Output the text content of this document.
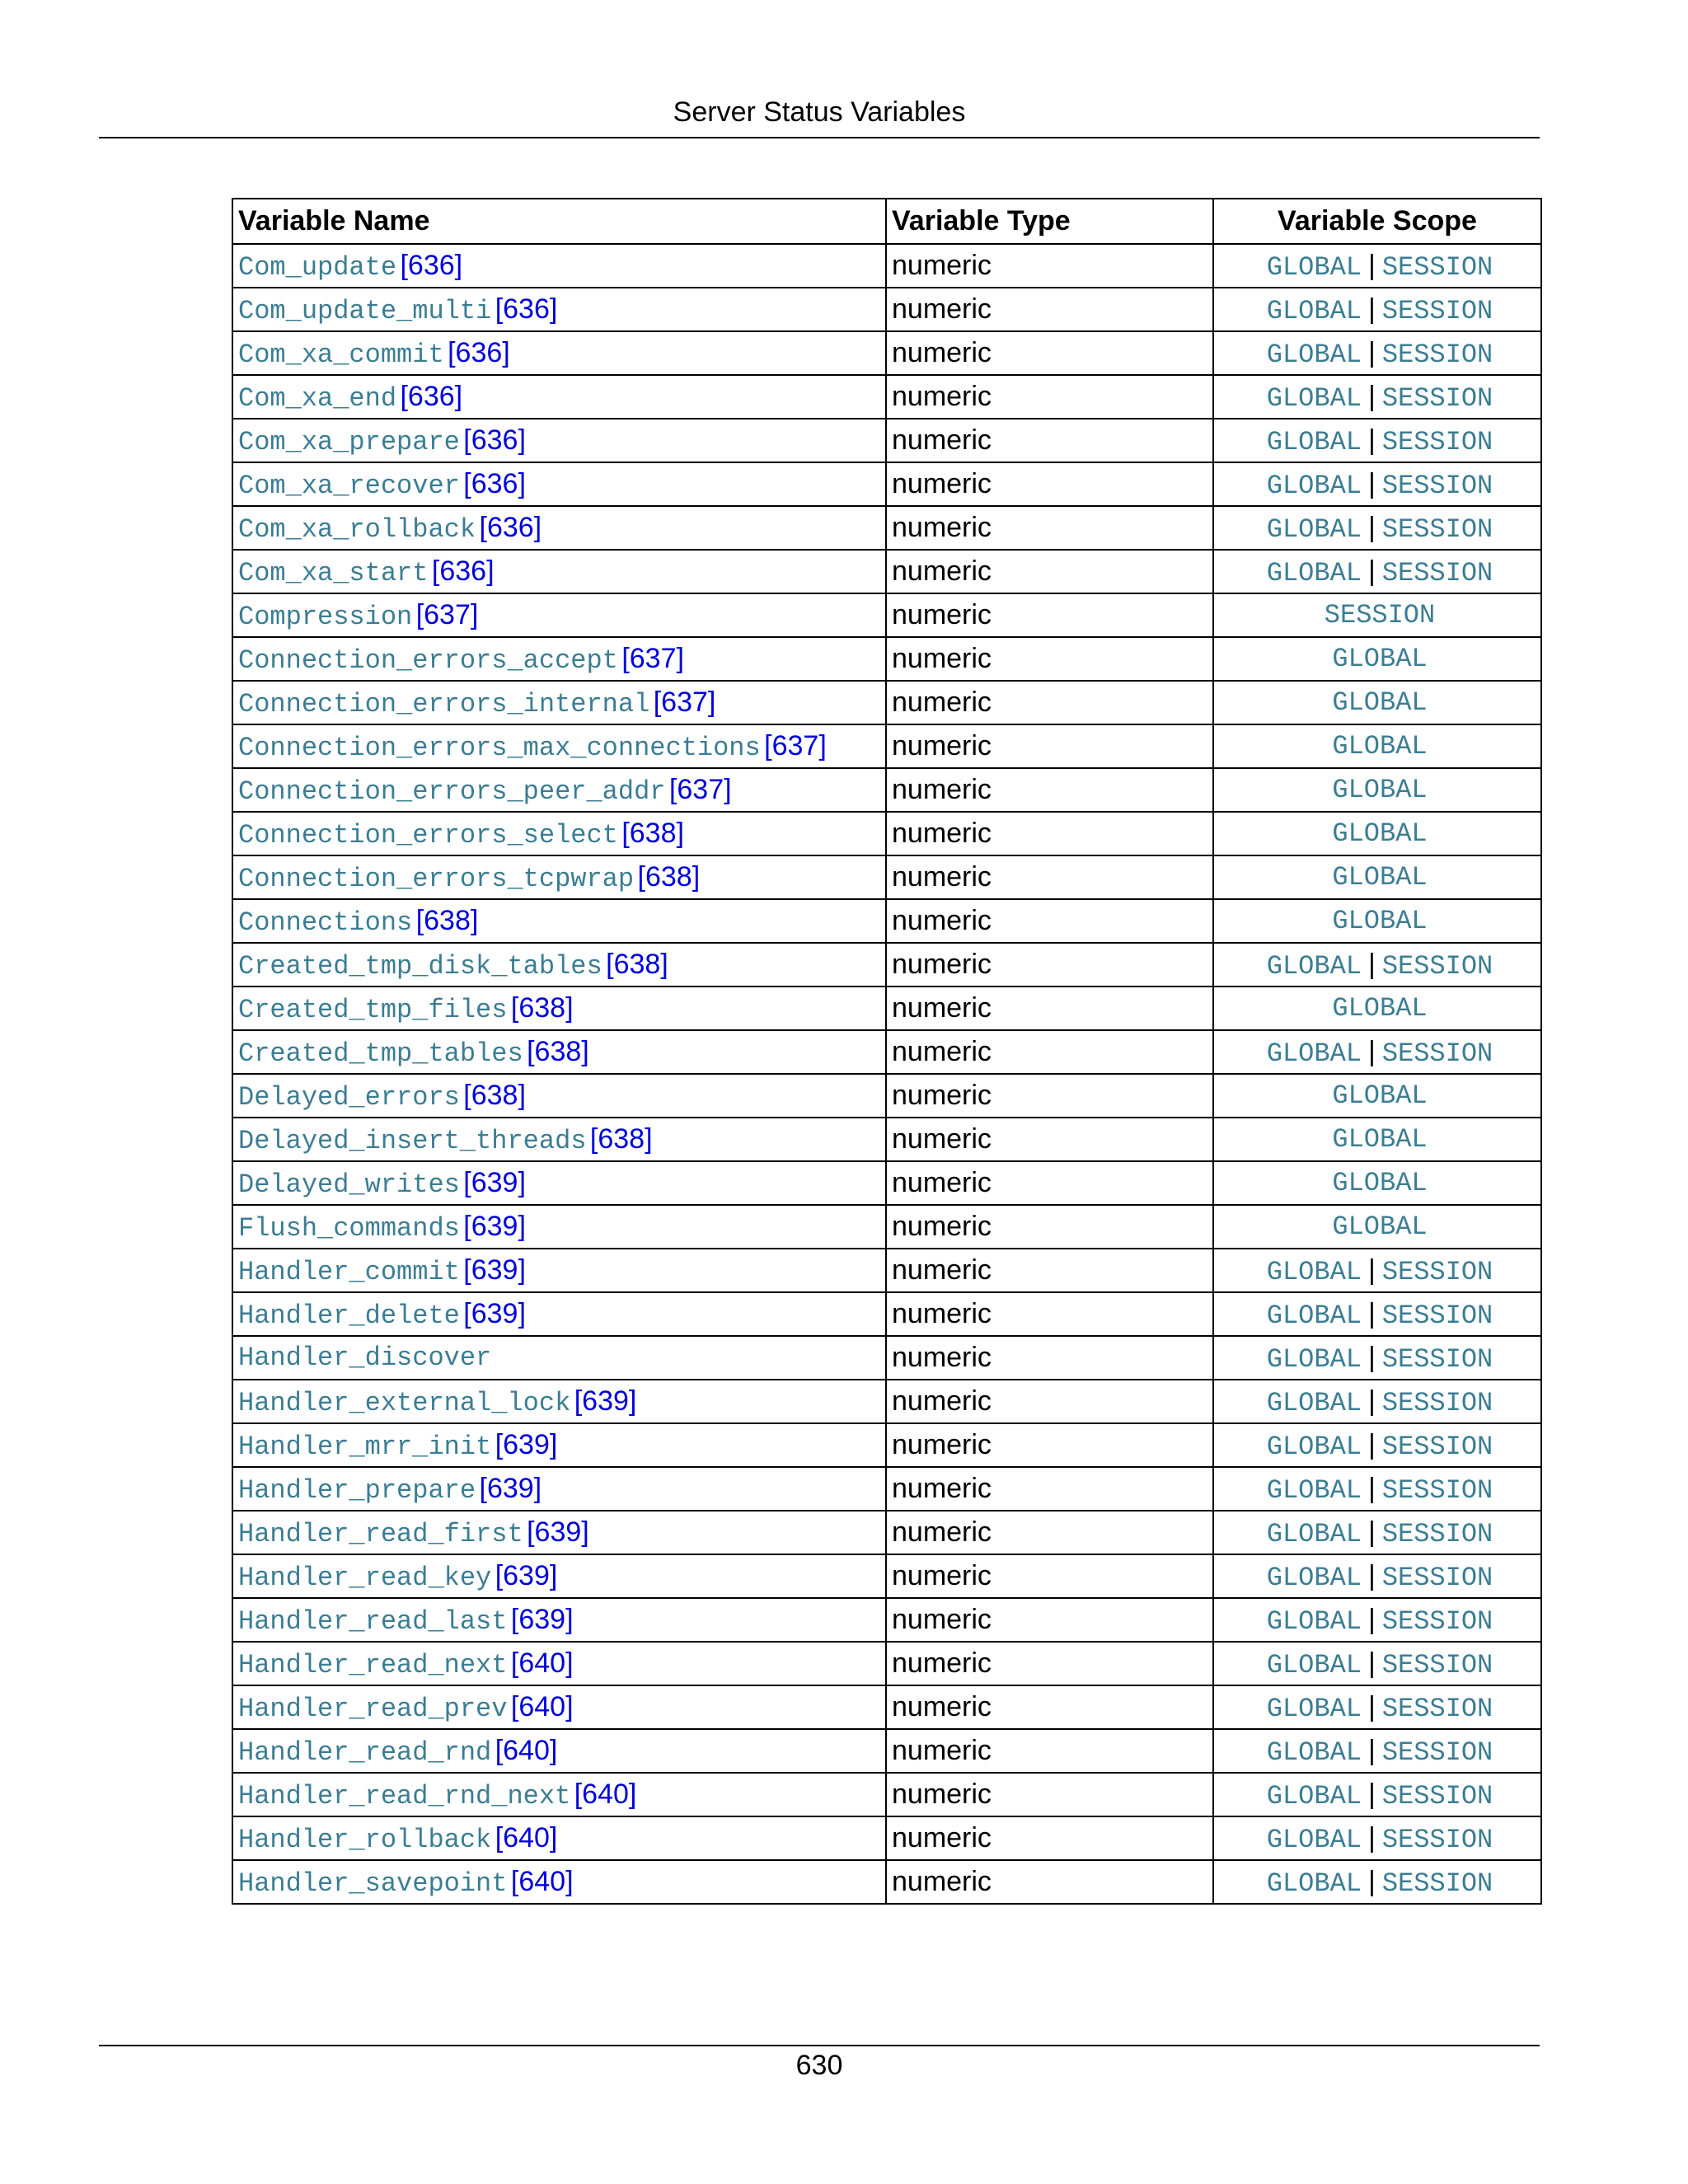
Server Status Variables
Variable Name	Variable Type	Variable Scope
Com_update [636]	numeric	GLOBAL | SESSION
Com_update_multi [636]	numeric	GLOBAL | SESSION
Com_xa_commit [636]	numeric	GLOBAL | SESSION
Com_xa_end [636]	numeric	GLOBAL | SESSION
Com_xa_prepare [636]	numeric	GLOBAL | SESSION
Com_xa_recover [636]	numeric	GLOBAL | SESSION
Com_xa_rollback [636]	numeric	GLOBAL | SESSION
Com_xa_start [636]	numeric	GLOBAL | SESSION
Compression [637]	numeric	SESSION
Connection_errors_accept [637]	numeric	GLOBAL
Connection_errors_internal [637]	numeric	GLOBAL
Connection_errors_max_connections [637]	numeric	GLOBAL
Connection_errors_peer_addr [637]	numeric	GLOBAL
Connection_errors_select [638]	numeric	GLOBAL
Connection_errors_tcpwrap [638]	numeric	GLOBAL
Connections [638]	numeric	GLOBAL
Created_tmp_disk_tables [638]	numeric	GLOBAL | SESSION
Created_tmp_files [638]	numeric	GLOBAL
Created_tmp_tables [638]	numeric	GLOBAL | SESSION
Delayed_errors [638]	numeric	GLOBAL
Delayed_insert_threads [638]	numeric	GLOBAL
Delayed_writes [639]	numeric	GLOBAL
Flush_commands [639]	numeric	GLOBAL
Handler_commit [639]	numeric	GLOBAL | SESSION
Handler_delete [639]	numeric	GLOBAL | SESSION
Handler_discover	numeric	GLOBAL | SESSION
Handler_external_lock [639]	numeric	GLOBAL | SESSION
Handler_mrr_init [639]	numeric	GLOBAL | SESSION
Handler_prepare [639]	numeric	GLOBAL | SESSION
Handler_read_first [639]	numeric	GLOBAL | SESSION
Handler_read_key [639]	numeric	GLOBAL | SESSION
Handler_read_last [639]	numeric	GLOBAL | SESSION
Handler_read_next [640]	numeric	GLOBAL | SESSION
Handler_read_prev [640]	numeric	GLOBAL | SESSION
Handler_read_rnd [640]	numeric	GLOBAL | SESSION
Handler_read_rnd_next [640]	numeric	GLOBAL | SESSION
Handler_rollback [640]	numeric	GLOBAL | SESSION
Handler_savepoint [640]	numeric	GLOBAL | SESSION
630
